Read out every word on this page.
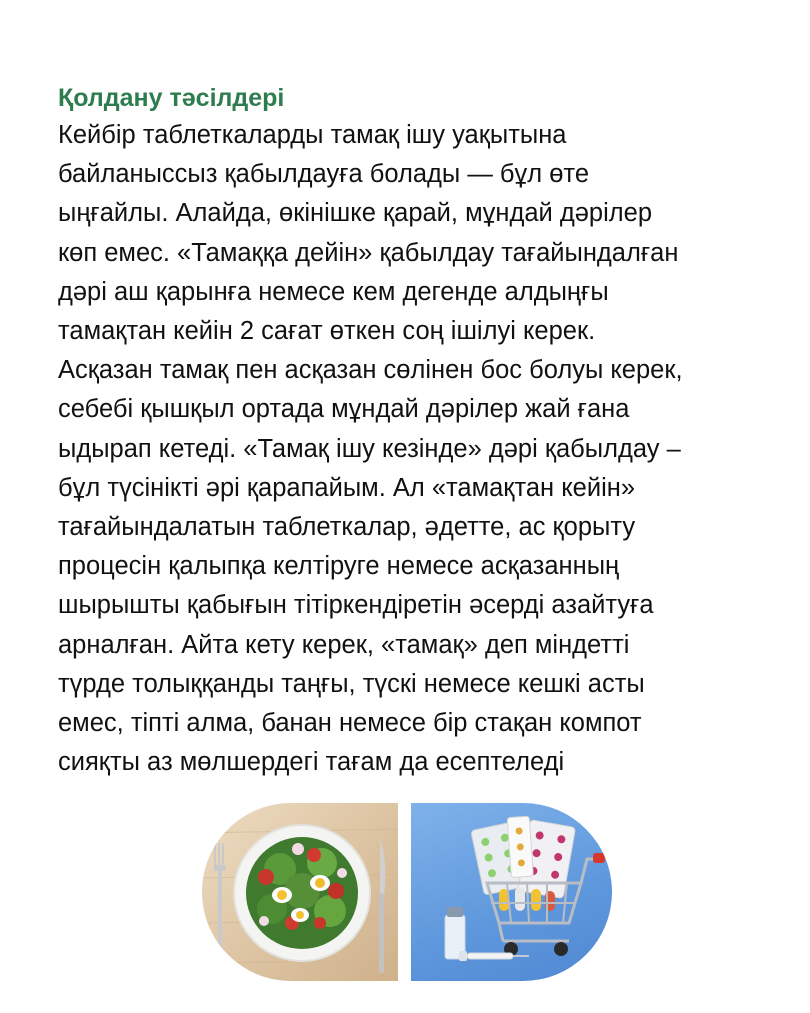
Қолдану тәсілдері
Кейбір таблеткаларды тамақ ішу уақытына
байланыссыз қабылдауға болады — бұл өте
ыңғайлы. Алайда, өкінішке қарай, мұндай дәрілер
көп емес. «Тамаққа дейін» қабылдау тағайындалған
дәрі аш қарынға немесе кем дегенде алдыңғы
тамақтан кейін 2 сағат өткен соң ішілуі керек.
Асқазан тамақ пен асқазан сөлінен бос болуы керек,
себебі қышқыл ортада мұндай дәрілер жай ғана
ыдырап кетеді. «Тамақ ішу кезінде» дәрі қабылдау –
бұл түсінікті әрі қарапайым. Ал «тамақтан кейін»
тағайындалатын таблеткалар, әдетте, ас қорыту
процесін қалыпқа келтіруге немесе асқазанның
шырышты қабығын тітіркендіретін әсерді азайтуға
арналған. Айта кету керек, «тамақ» деп міндетті
түрде толыққанды таңғы, түскі немесе кешкі асты
емес, тіпті алма, банан немесе бір стақан компот
сияқты аз мөлшердегі тағам да есептеледі
